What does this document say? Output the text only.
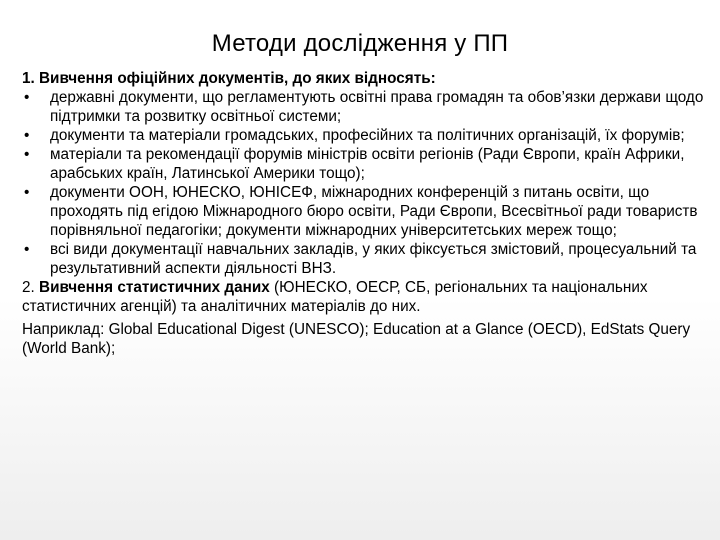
Методи дослідження у ПП
1. Вивчення офіційних документів, до яких відносять:
•	державні документи, що регламентують освітні права громадян та обов’язки держави щодо підтримки та розвитку освітньої системи;
•	документи та матеріали громадських, професійних та політичних організацій, їх форумів;
•	матеріали та рекомендації форумів міністрів освіти регіонів (Ради Європи, країн Африки, арабських країн, Латинської Америки тощо);
•	документи ООН, ЮНЕСКО, ЮНІСЕФ, міжнародних конференцій з питань освіти, що проходять під егідою Міжнародного бюро освіти, Ради Європи, Всесвітньої ради товариств порівняльної педагогіки; документи міжнародних університетських мереж тощо;
•	всі види документації навчальних закладів, у яких фіксується змістовий, процесуальний та результативний аспекти діяльності ВНЗ.
2. Вивчення статистичних даних (ЮНЕСКО, ОЕСР, СБ, регіональних та національних статистичних агенцій) та аналітичних матеріалів до них.
Наприклад: Global Educational Digest (UNESCO); Education at a Glance (OECD), EdStats Query (World Bank);
